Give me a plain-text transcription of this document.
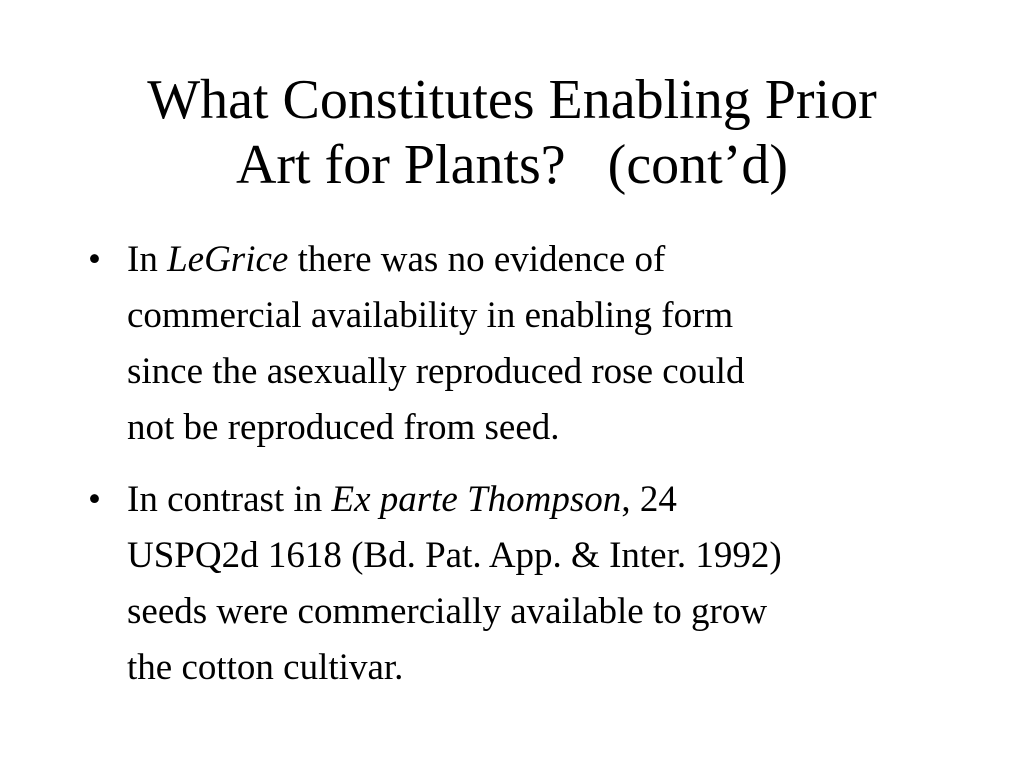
What Constitutes Enabling Prior
Art for Plants?   (cont’d)
• In LeGrice there was no evidence of
commercial availability in enabling form
since the asexually reproduced rose could
not be reproduced from seed.
• In contrast in Ex parte Thompson, 24
USPQ2d 1618 (Bd. Pat. App. & Inter. 1992)
seeds were commercially available to grow
the cotton cultivar.
